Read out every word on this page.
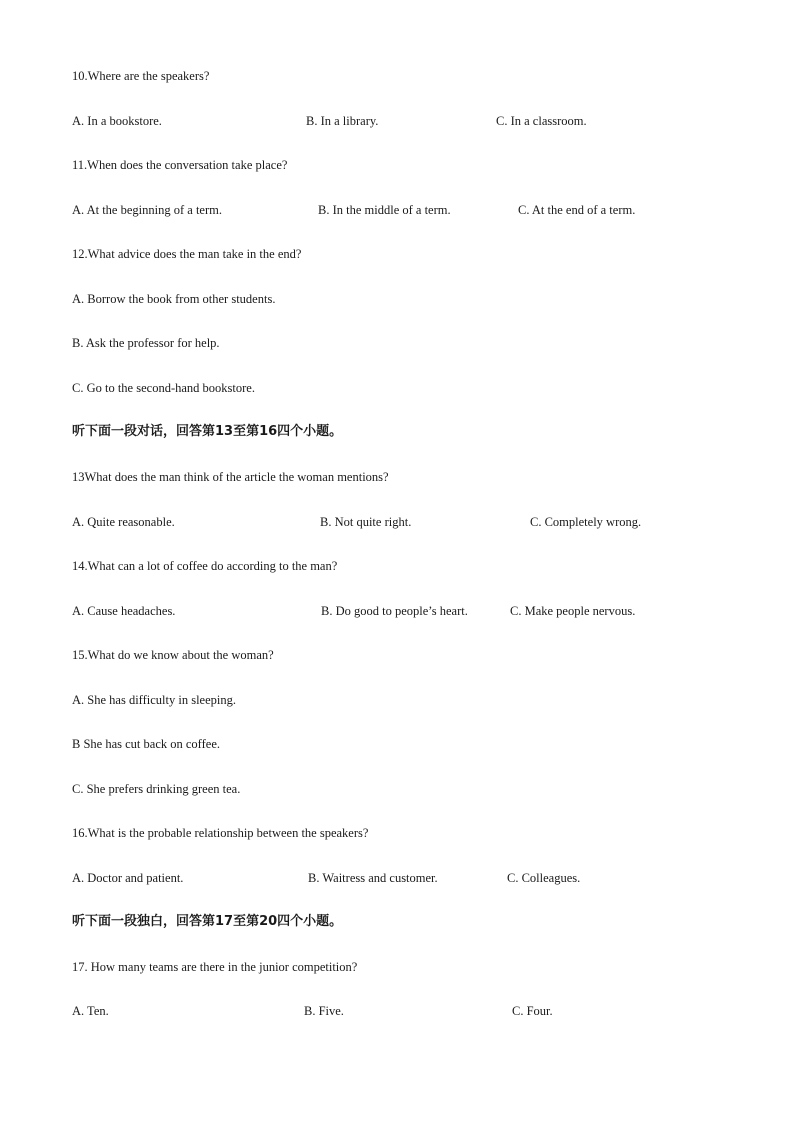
10.Where are the speakers?
A. In a bookstore.	B. In a library.	C. In a classroom.
11.When does the conversation take place?
A. At the beginning of a term.	B. In the middle of a term.	C. At the end of a term.
12.What advice does the man take in the end?
A. Borrow the book from other students.
B. Ask the professor for help.
C. Go to the second-hand bookstore.
听下面一段对话，回答第13至第16四个小题。
13What does the man think of the article the woman mentions?
A. Quite reasonable.	B. Not quite right.	C. Completely wrong.
14.What can a lot of coffee do according to the man?
A. Cause headaches.	B. Do good to people’s heart.	C. Make people nervous.
15.What do we know about the woman?
A. She has difficulty in sleeping.
B She has cut back on coffee.
C. She prefers drinking green tea.
16.What is the probable relationship between the speakers?
A. Doctor and patient.	B. Waitress and customer.	C. Colleagues.
听下面一段独白，回答第17至第20四个小题。
17. How many teams are there in the junior competition?
A. Ten.	B. Five.	C. Four.
